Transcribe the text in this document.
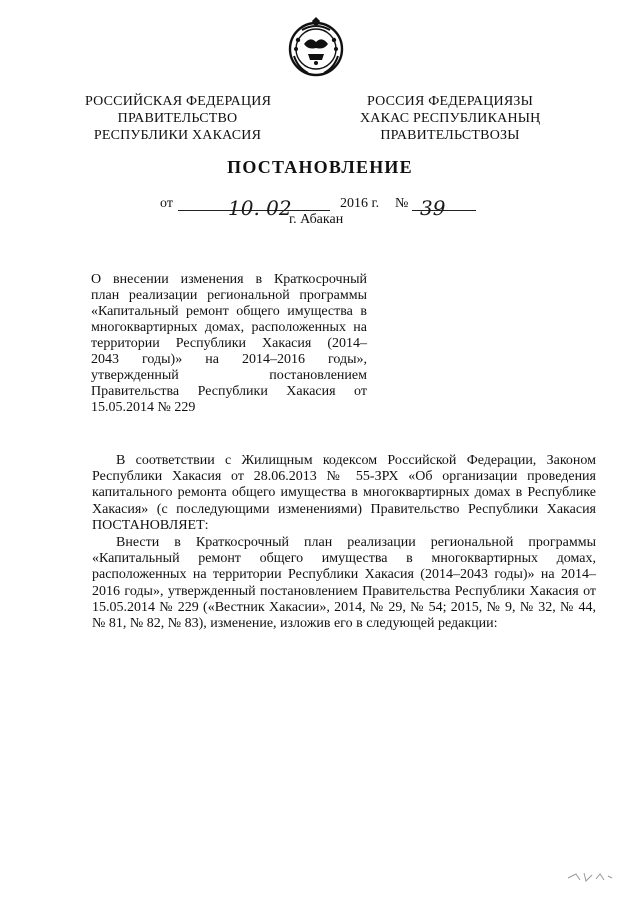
РОССИЙСКАЯ ФЕДЕРАЦИЯ
ПРАВИТЕЛЬСТВО
РЕСПУБЛИКИ ХАКАСИЯ
РОССИЯ ФЕДЕРАЦИЯЗЫ
ХАКАС РЕСПУБЛИКАНЫҢ
ПРАВИТЕЛЬСТВОЗЫ
ПОСТАНОВЛЕНИЕ
от	10. 02	2016 г. № 39
г. Абакан
О внесении изменения в Краткосрочный
план реализации региональной программы
«Капитальный ремонт общего имущества в
многоквартирных домах, расположенных на
территории Республики Хакасия (2014–
2043 годы)» на 2014–2016 годы»,
утвержденный постановлением
Правительства Республики Хакасия от
15.05.2014 № 229
В соответствии с Жилищным кодексом Российской Федерации, Законом
Республики Хакасия от 28.06.2013 № 55-ЗРХ «Об организации проведения
капитального ремонта общего имущества в многоквартирных домах в Республике
Хакасия» (с последующими изменениями) Правительство Республики Хакасия
ПОСТАНОВЛЯЕТ:
Внести в Краткосрочный план реализации региональной программы
«Капитальный ремонт общего имущества в многоквартирных домах,
расположенных на территории Республики Хакасия (2014–2043 годы)» на 2014–
2016 годы», утвержденный постановлением Правительства Республики Хакасия от
15.05.2014 № 229 («Вестник Хакасии», 2014, № 29, № 54; 2015, № 9, № 32, № 44,
№ 81, № 82, № 83), изменение, изложив его в следующей редакции:
